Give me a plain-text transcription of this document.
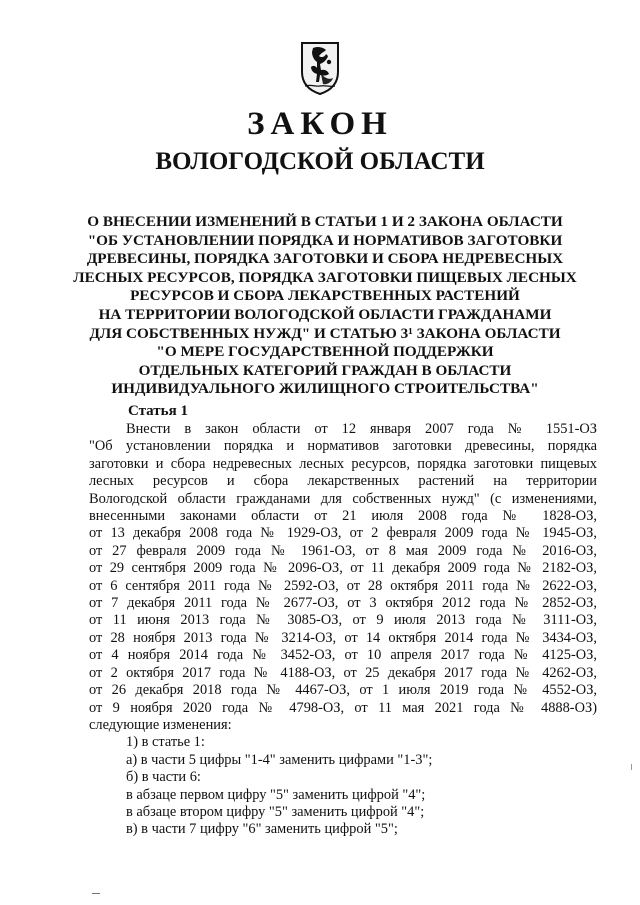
ЗАКОН
ВОЛОГОДСКОЙ ОБЛАСТИ
О ВНЕСЕНИИ ИЗМЕНЕНИЙ В СТАТЬИ 1 И 2 ЗАКОНА ОБЛАСТИ
"ОБ УСТАНОВЛЕНИИ ПОРЯДКА И НОРМАТИВОВ ЗАГОТОВКИ
ДРЕВЕСИНЫ, ПОРЯДКА ЗАГОТОВКИ И СБОРА НЕДРЕВЕСНЫХ
ЛЕСНЫХ РЕСУРСОВ, ПОРЯДКА ЗАГОТОВКИ ПИЩЕВЫХ ЛЕСНЫХ
РЕСУРСОВ И СБОРА ЛЕКАРСТВЕННЫХ РАСТЕНИЙ
НА ТЕРРИТОРИИ ВОЛОГОДСКОЙ ОБЛАСТИ ГРАЖДАНАМИ
ДЛЯ СОБСТВЕННЫХ НУЖД" И СТАТЬЮ 3¹ ЗАКОНА ОБЛАСТИ
"О МЕРЕ ГОСУДАРСТВЕННОЙ ПОДДЕРЖКИ
ОТДЕЛЬНЫХ КАТЕГОРИЙ ГРАЖДАН В ОБЛАСТИ
ИНДИВИДУАЛЬНОГО ЖИЛИЩНОГО СТРОИТЕЛЬСТВА"
Статья 1
Внести в закон области от 12 января 2007 года № 1551-ОЗ
"Об установлении порядка и нормативов заготовки древесины, порядка
заготовки и сбора недревесных лесных ресурсов, порядка заготовки пищевых
лесных ресурсов и сбора лекарственных растений на территории
Вологодской области гражданами для собственных нужд" (с изменениями,
внесенными законами области от 21 июля 2008 года № 1828-ОЗ,
от 13 декабря 2008 года № 1929-ОЗ, от 2 февраля 2009 года № 1945-ОЗ,
от 27 февраля 2009 года № 1961-ОЗ, от 8 мая 2009 года № 2016-ОЗ,
от 29 сентября 2009 года № 2096-ОЗ, от 11 декабря 2009 года № 2182-ОЗ,
от 6 сентября 2011 года № 2592-ОЗ, от 28 октября 2011 года № 2622-ОЗ,
от 7 декабря 2011 года № 2677-ОЗ, от 3 октября 2012 года № 2852-ОЗ,
от 11 июня 2013 года № 3085-ОЗ, от 9 июля 2013 года № 3111-ОЗ,
от 28 ноября 2013 года № 3214-ОЗ, от 14 октября 2014 года № 3434-ОЗ,
от 4 ноября 2014 года № 3452-ОЗ, от 10 апреля 2017 года № 4125-ОЗ,
от 2 октября 2017 года № 4188-ОЗ, от 25 декабря 2017 года № 4262-ОЗ,
от 26 декабря 2018 года № 4467-ОЗ, от 1 июля 2019 года № 4552-ОЗ,
от 9 ноября 2020 года № 4798-ОЗ, от 11 мая 2021 года № 4888-ОЗ)
следующие изменения:
1) в статье 1:
а) в части 5 цифры "1-4" заменить цифрами "1-3";
б) в части 6:
в абзаце первом цифру "5" заменить цифрой "4";
в абзаце втором цифру "5" заменить цифрой "4";
в) в части 7 цифру "6" заменить цифрой "5";
